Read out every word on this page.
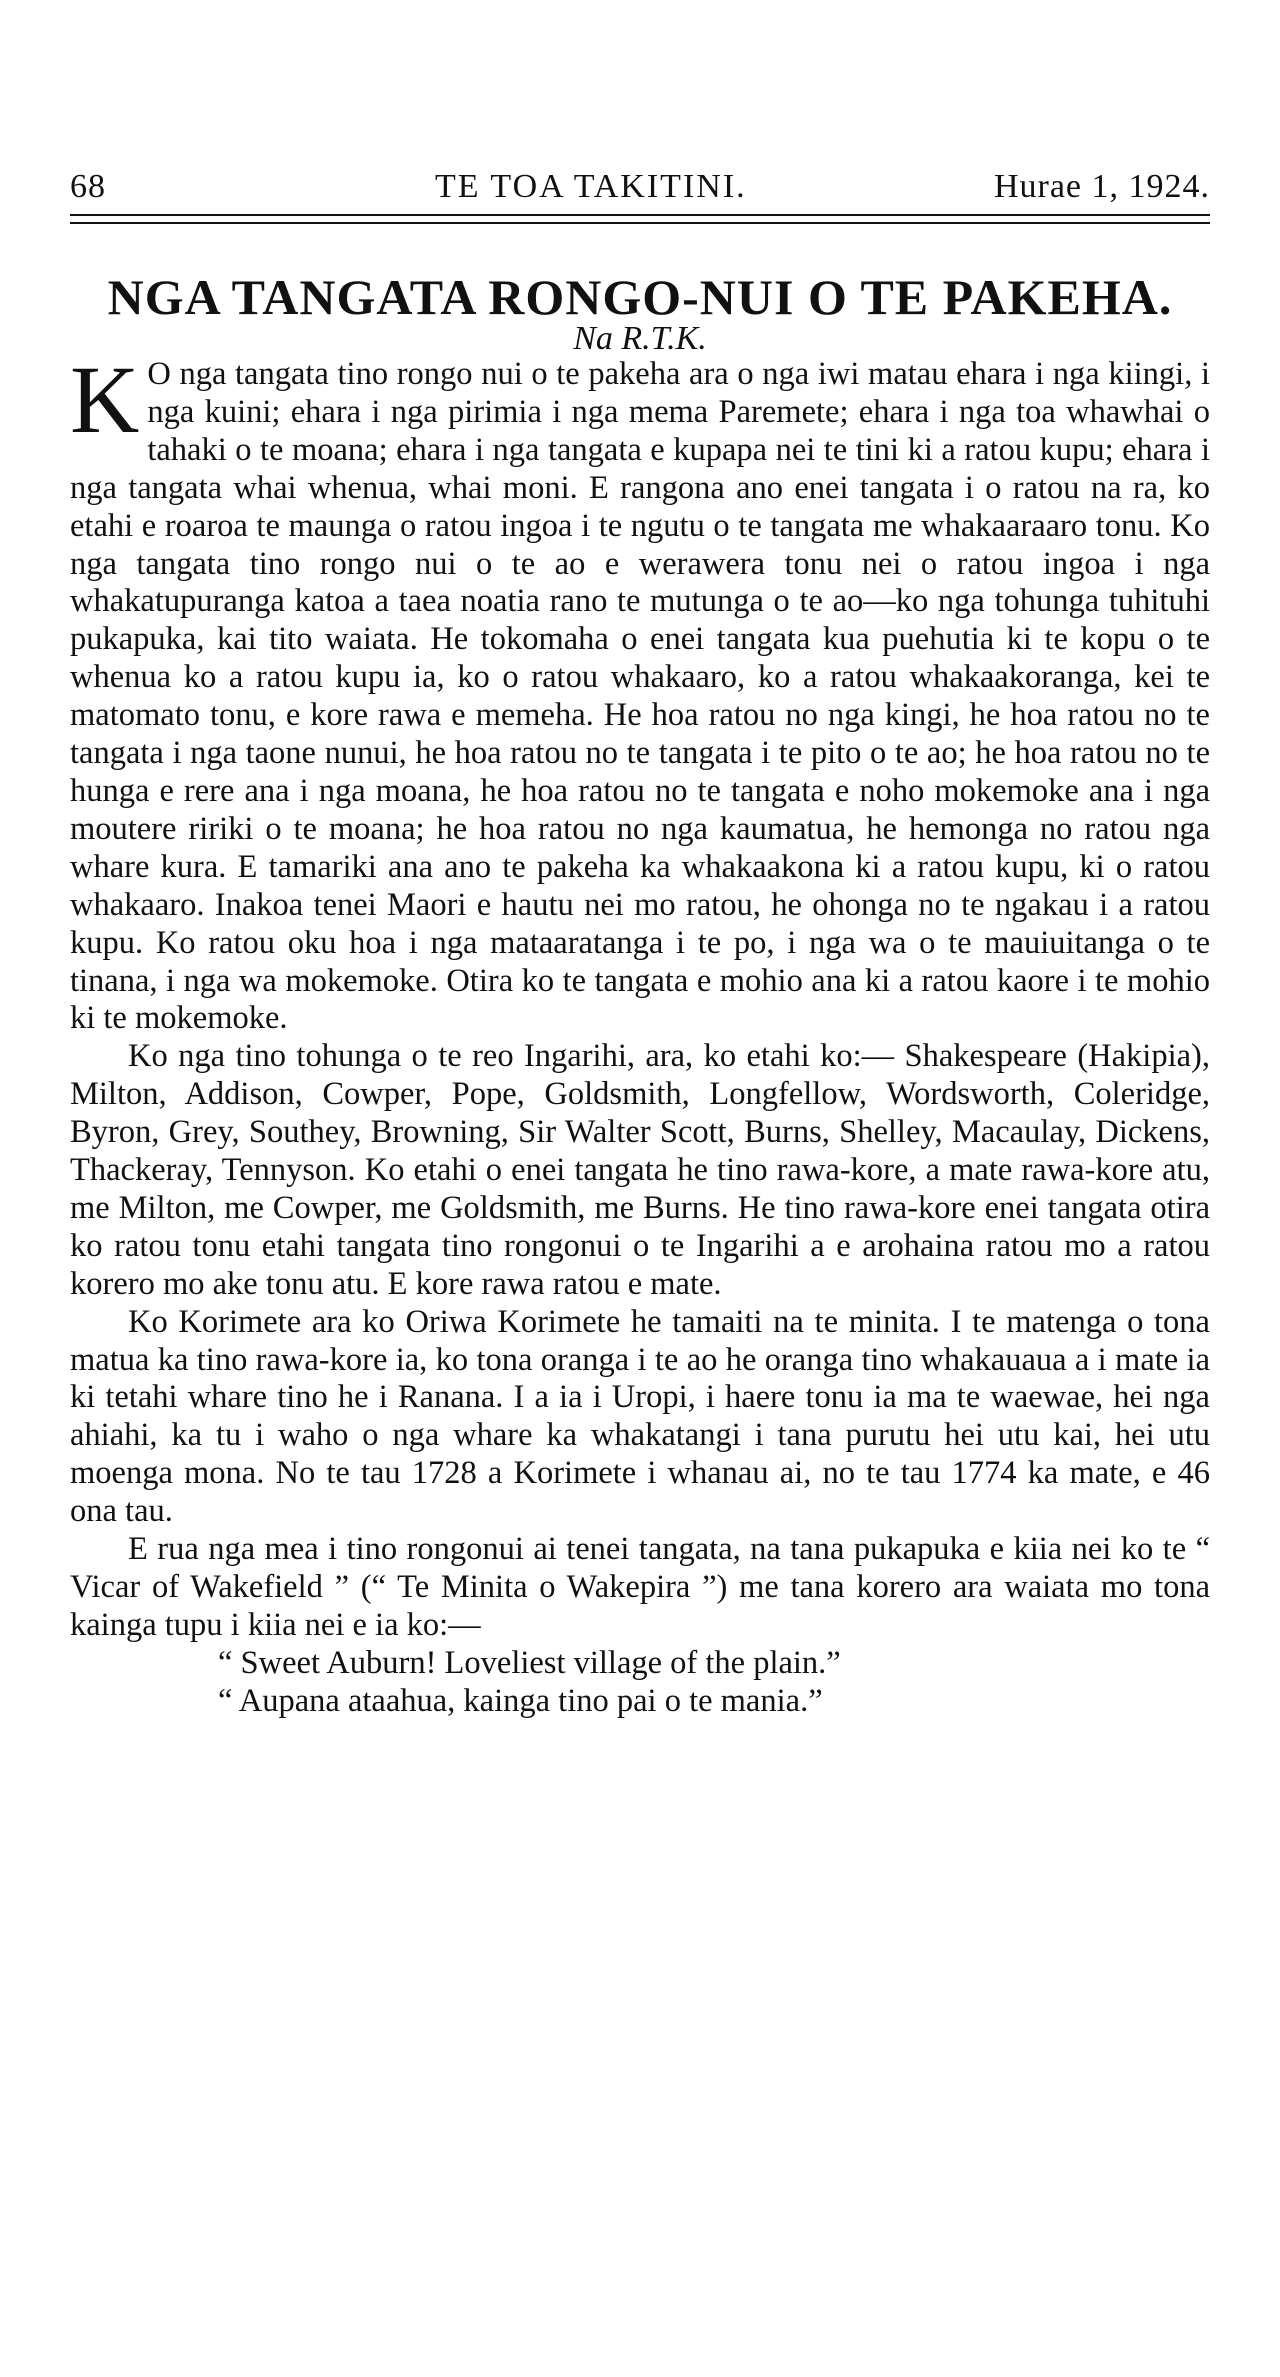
68	TE TOA TAKITINI.	Hurae 1, 1924.
NGA TANGATA RONGO-NUI O TE PAKEHA.
Na R.T.K.

K O nga tangata tino rongo nui o te pakeha ara o nga iwi matau ehara i nga kiingi, i nga kuini; ehara i nga pirimia i nga mema Paremete; ehara i nga toa whawhai o tahaki o te moana; ehara i nga tangata e kupapa nei te tini ki a ratou kupu; ehara i nga tangata whai whenua, whai moni. E rangona ano enei tangata i o ratou na ra, ko etahi e roaroa te maunga o ratou ingoa i te ngutu o te tangata me whakaaraaro tonu. Ko nga tangata tino rongo nui o te ao e werawera tonu nei o ratou ingoa i nga whakatupuranga katoa a taea noatia rano te mutunga o te ao—ko nga tohunga tuhituhi pukapuka, kai tito waiata. He tokomaha o enei tangata kua puehutia ki te kopu o te whenua ko a ratou kupu ia, ko o ratou whakaaro, ko a ratou whakaakoranga, kei te matomato tonu, e kore rawa e memeha. He hoa ratou no nga kingi, he hoa ratou no te tangata i nga taone nunui, he hoa ratou no te tangata i te pito o te ao; he hoa ratou no te hunga e rere ana i nga moana, he hoa ratou no te tangata e noho mokemoke ana i nga moutere ririki o te moana; he hoa ratou no nga kaumatua, he hemonga no ratou nga whare kura. E tamariki ana ano te pakeha ka whakaakona ki a ratou kupu, ki o ratou whakaaro. Inakoa tenei Maori e hautu nei mo ratou, he ohonga no te ngakau i a ratou kupu. Ko ratou oku hoa i nga mataaratanga i te po, i nga wa o te mauiuitanga o te tinana, i nga wa mokemoke. Otira ko te tangata e mohio ana ki a ratou kaore i te mohio ki te mokemoke.

Ko nga tino tohunga o te reo Ingarihi, ara, ko etahi ko:— Shakespeare (Hakipia), Milton, Addison, Cowper, Pope, Goldsmith, Longfellow, Wordsworth, Coleridge, Byron, Grey, Southey, Browning, Sir Walter Scott, Burns, Shelley, Macaulay, Dickens, Thackeray, Tennyson. Ko etahi o enei tangata he tino rawa-kore, a mate rawa-kore atu, me Milton, me Cowper, me Goldsmith, me Burns. He tino rawa-kore enei tangata otira ko ratou tonu etahi tangata tino rongonui o te Ingarihi a e arohaina ratou mo a ratou korero mo ake tonu atu. E kore rawa ratou e mate.

Ko Korimete ara ko Oriwa Korimete he tamaiti na te minita. I te matenga o tona matua ka tino rawa-kore ia, ko tona oranga i te ao he oranga tino whakauaua a i mate ia ki tetahi whare tino he i Ranana. I a ia i Uropi, i haere tonu ia ma te waewae, hei nga ahiahi, ka tu i waho o nga whare ka whakatangi i tana purutu hei utu kai, hei utu moenga mona. No te tau 1728 a Korimete i whanau ai, no te tau 1774 ka mate, e 46 ona tau.

E rua nga mea i tino rongonui ai tenei tangata, na tana pukapuka e kiia nei ko te “ Vicar of Wakefield ” (“ Te Minita o Wakepira ”) me tana korero ara waiata mo tona kainga tupu i kiia nei e ia ko:—

“ Sweet Auburn! Loveliest village of the plain.”
“ Aupana ataahua, kainga tino pai o te mania.”
